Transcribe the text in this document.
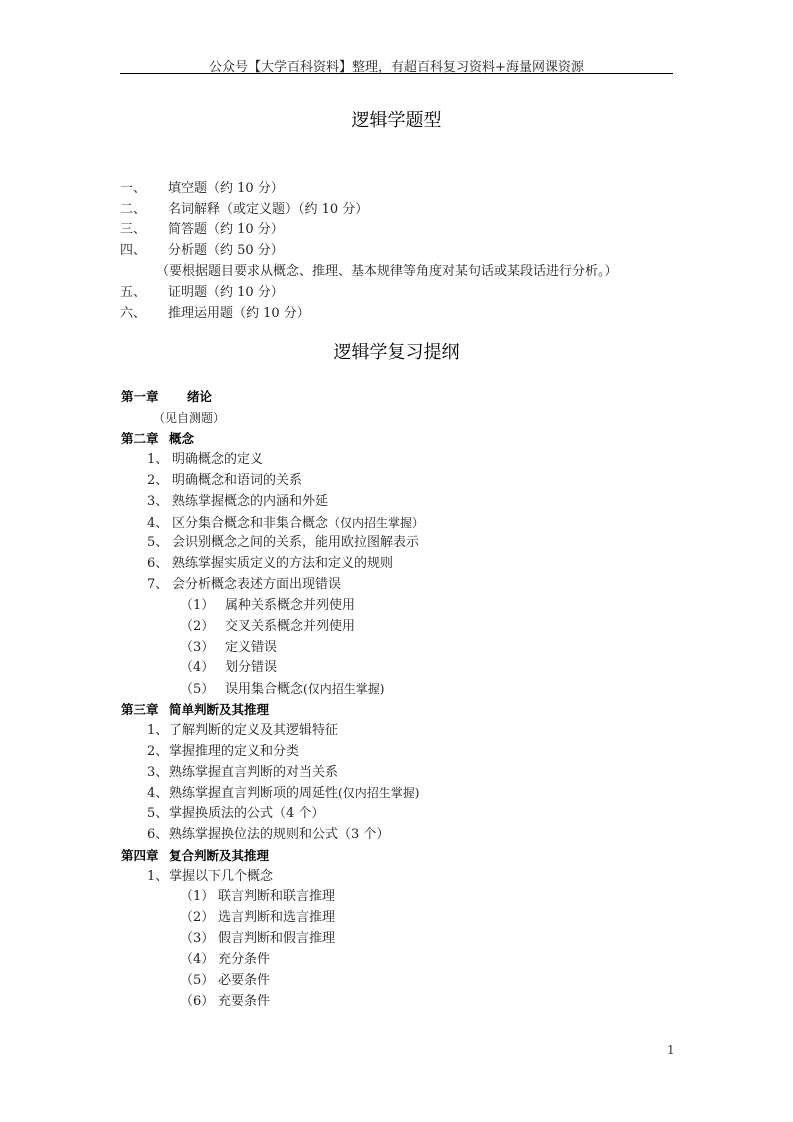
公众号【大学百科资料】整理，有超百科复习资料+海量网课资源
逻辑学题型
一、 填空题（约 10 分）
二、 名词解释（或定义题）（约 10 分）
三、 简答题（约 10 分）
四、 分析题（约 50 分）
（要根据题目要求从概念、推理、基本规律等角度对某句话或某段话进行分析。）
五、 证明题（约 10 分）
六、 推理运用题（约 10 分）
逻辑学复习提纲
第一章 绪论
（见自测题）
第二章 概念
1、 明确概念的定义
2、 明确概念和语词的关系
3、 熟练掌握概念的内涵和外延
4、 区分集合概念和非集合概念（仅内招生掌握）
5、 会识别概念之间的关系，能用欧拉图解表示
6、 熟练掌握实质定义的方法和定义的规则
7、 会分析概念表述方面出现错误
（1） 属种关系概念并列使用
（2） 交叉关系概念并列使用
（3） 定义错误
（4） 划分错误
（5） 误用集合概念(仅内招生掌握)
第三章 简单判断及其推理
1、了解判断的定义及其逻辑特征
2、掌握推理的定义和分类
3、熟练掌握直言判断的对当关系
4、熟练掌握直言判断项的周延性(仅内招生掌握)
5、掌握换质法的公式（4 个）
6、熟练掌握换位法的规则和公式（3 个）
第四章 复合判断及其推理
1、掌握以下几个概念
（1） 联言判断和联言推理
（2） 选言判断和选言推理
（3） 假言判断和假言推理
（4） 充分条件
（5） 必要条件
（6） 充要条件
1
